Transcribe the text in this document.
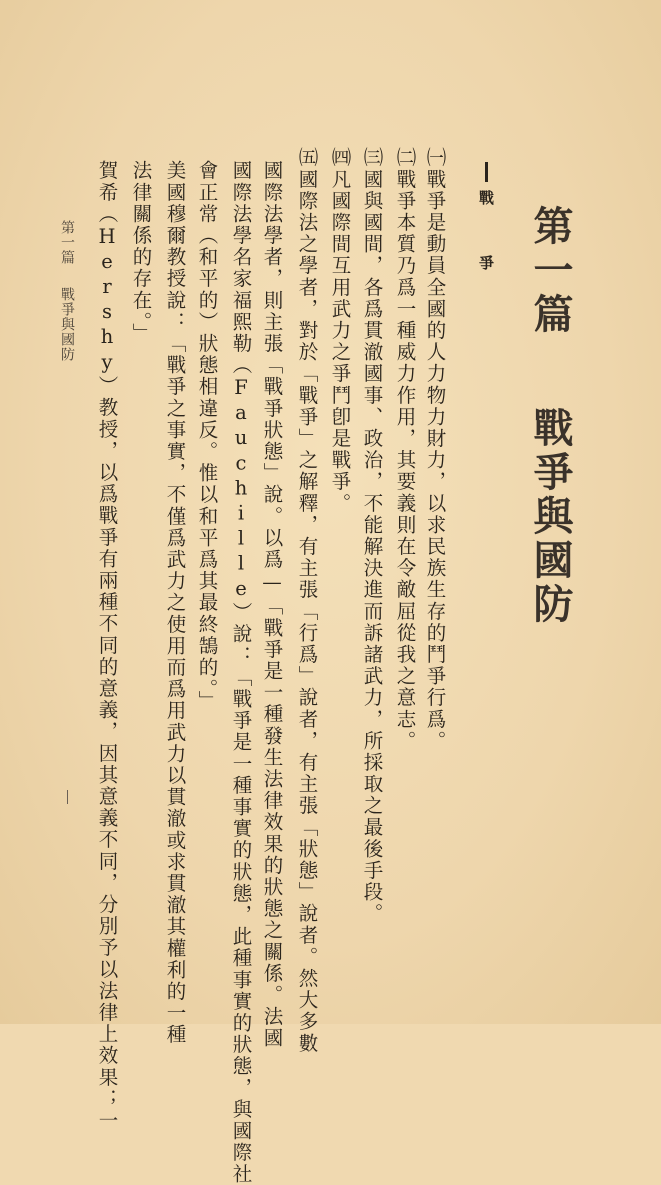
第一篇戰爭與國防
戰爭
㈠戰爭是動員全國的人力物力財力，以求民族生存的鬥爭行爲。
㈡戰爭本質乃爲一種威力作用，其要義則在令敵屈從我之意志。
㈢國與國間，各爲貫澈國事、政治，不能解決進而訴諸武力，所採取之最後手段。
㈣凡國際間互用武力之爭鬥卽是戰爭。
㈤國際法之學者，對於「戰爭」之解釋，有主張「行爲」說者，有主張「狀態」說者。然大多數
國際法學者，則主張「戰爭狀態」說。以爲—「戰爭是一種發生法律效果的狀態之關係。法國
國際法學名家福熙勒（Fauchille）說：「戰爭是一種事實的狀態，此種事實的狀態，與國際社
會正常（和平的）狀態相違反。惟以和平爲其最終鵠的。」
美國穆爾教授說：「戰爭之事實，不僅爲武力之使用而爲用武力以貫澈或求貫澈其權利的一種
法律關係的存在。」
賀希（Hershy）教授，以爲戰爭有兩種不同的意義，因其意義不同，分別予以法律上效果；一
第一篇戰爭與國防
